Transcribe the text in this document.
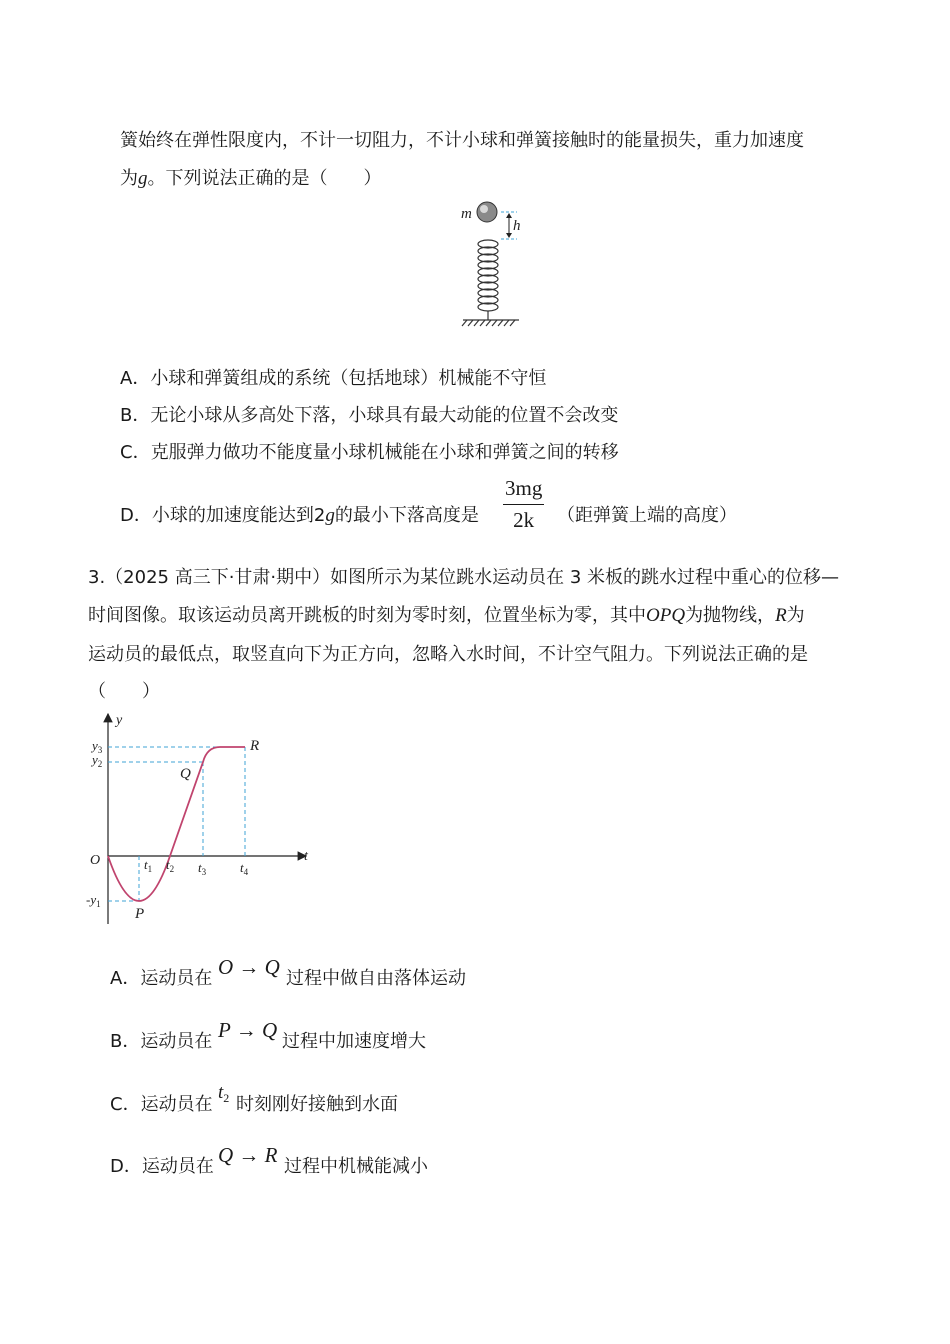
簧始终在弹性限度内，不计一切阻力，不计小球和弹簧接触时的能量损失，重力加速度
为g。下列说法正确的是（　　）
m
h
A．小球和弹簧组成的系统（包括地球）机械能不守恒
B．无论小球从多高处下落，小球具有最大动能的位置不会改变
C．克服弹力做功不能度量小球机械能在小球和弹簧之间的转移
D．小球的加速度能达到2g的最小下落高度是 $\frac{3mg}{2k}$ （距弹簧上端的高度）
3.（2025 高三下·甘肃·期中）如图所示为某位跳水运动员在 3 米板的跳水过程中重心的位移—
时间图像。取该运动员离开跳板的时刻为零时刻，位置坐标为零，其中OPQ为抛物线，R为
运动员的最低点，取竖直向下为正方向，忽略入水时间，不计空气阻力。下列说法正确的是
（　　）
y
t
O
$y_3$
$y_2$
$-y_1$
$t_1$ $t_2$ $t_3$	$t_4$
P
Q
R
A．运动员在 O → Q 过程中做自由落体运动
B．运动员在 P → Q 过程中加速度增大
C．运动员在
$t_2$ 时刻刚好接触到水面
D．运动员在 Q → R 过程中机械能减小
